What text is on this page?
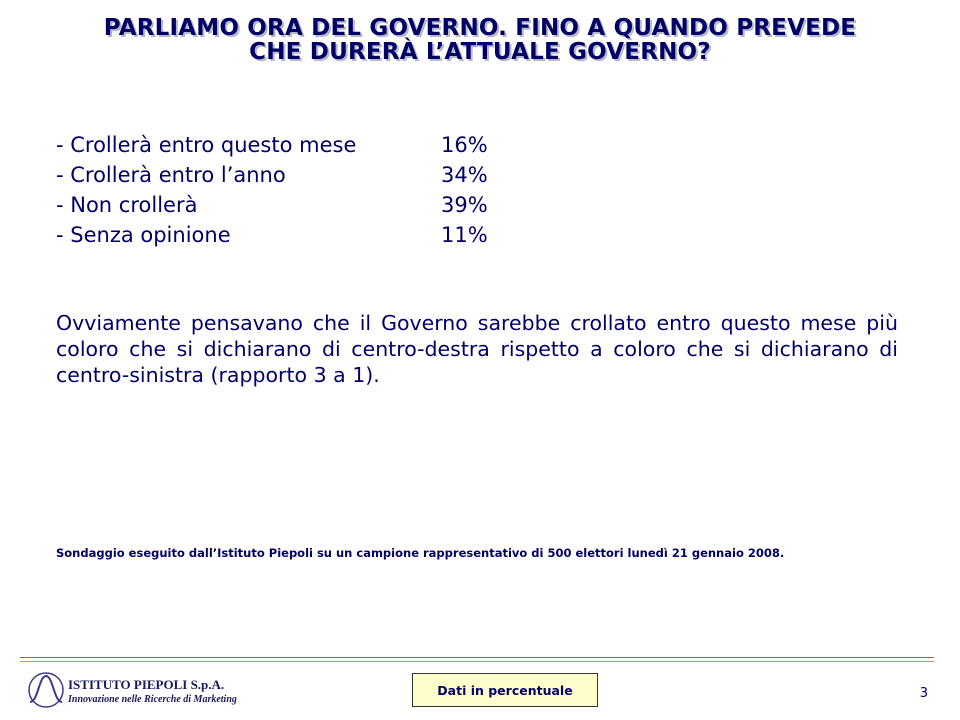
PARLIAMO ORA DEL GOVERNO. FINO A QUANDO PREVEDE
CHE DURERÀ L’ATTUALE GOVERNO?
- Crollerà entro questo mese	16%
- Crollerà entro l’anno	34%
- Non crollerà	39%
- Senza opinione	11%
Ovviamente pensavano che il Governo sarebbe crollato entro questo mese più coloro che si dichiarano di centro-destra rispetto a coloro che si dichiarano di centro-sinistra (rapporto 3 a 1).
Sondaggio eseguito dall’Istituto Piepoli su un campione rappresentativo di 500 elettori lunedì 21 gennaio 2008.
ISTITUTO PIEPOLI S.p.A.
Innovazione nelle Ricerche di Marketing
Dati in percentuale	3
